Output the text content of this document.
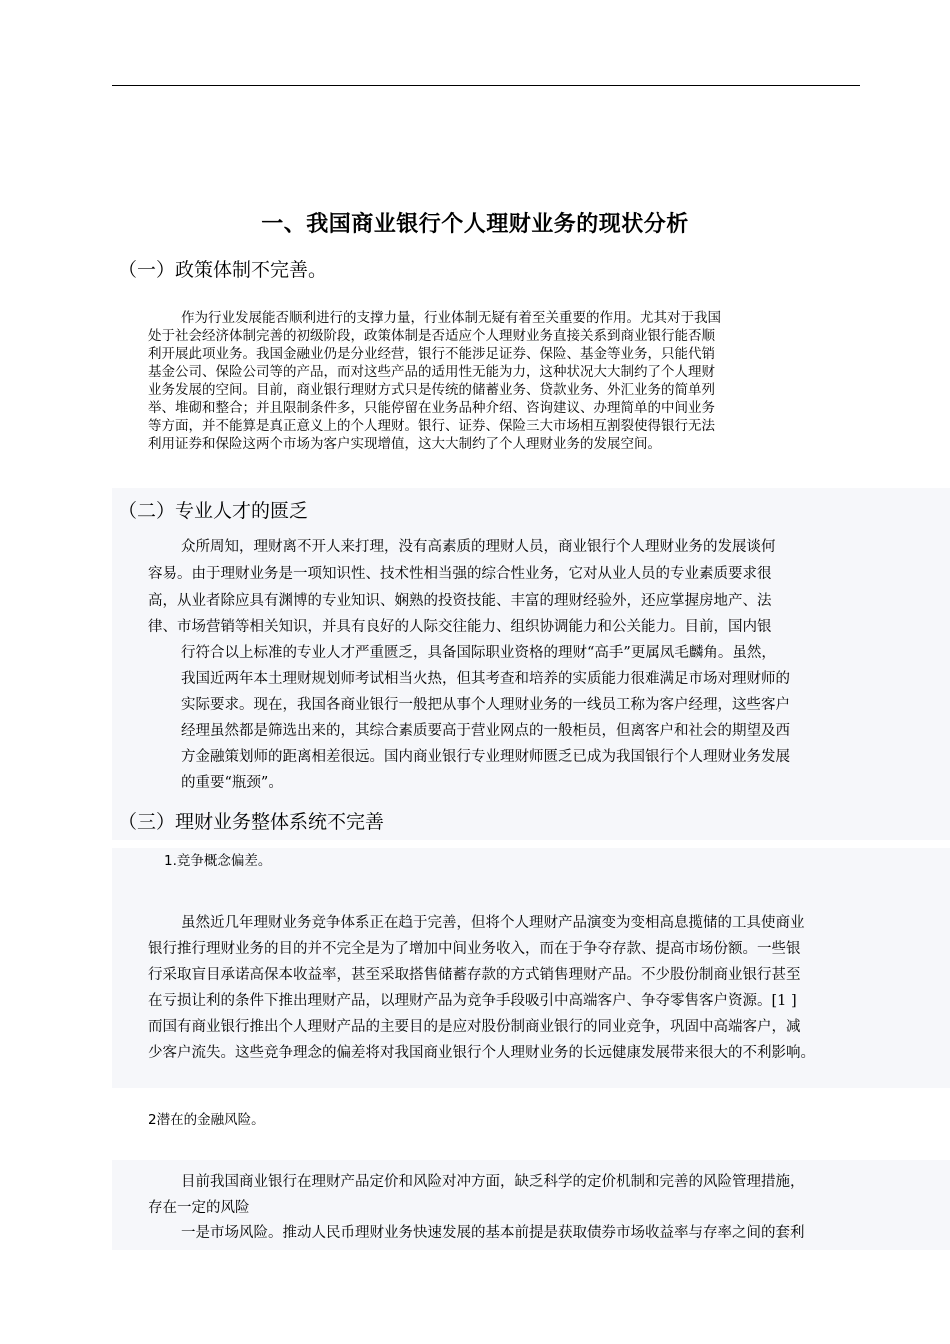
一、我国商业银行个人理财业务的现状分析
（一）政策体制不完善。
作为行业发展能否顺利进行的支撑力量，行业体制无疑有着至关重要的作用。尤其对于我国
处于社会经济体制完善的初级阶段，政策体制是否适应个人理财业务直接关系到商业银行能否顺
利开展此项业务。我国金融业仍是分业经营，银行不能涉足证券、保险、基金等业务，只能代销
基金公司、保险公司等的产品，而对这些产品的适用性无能为力，这种状况大大制约了个人理财
业务发展的空间。目前，商业银行理财方式只是传统的储蓄业务、贷款业务、外汇业务的简单列
举、堆砌和整合；并且限制条件多，只能停留在业务品种介绍、咨询建议、办理简单的中间业务
等方面，并不能算是真正意义上的个人理财。银行、证券、保险三大市场相互割裂使得银行无法
利用证券和保险这两个市场为客户实现增值，这大大制约了个人理财业务的发展空间。
（二）专业人才的匮乏
众所周知，理财离不开人来打理，没有高素质的理财人员，商业银行个人理财业务的发展谈何
容易。由于理财业务是一项知识性、技术性相当强的综合性业务，它对从业人员的专业素质要求很
高，从业者除应具有渊博的专业知识、娴熟的投资技能、丰富的理财经验外，还应掌握房地产、法
律、市场营销等相关知识，并具有良好的人际交往能力、组织协调能力和公关能力。目前，国内银
行符合以上标准的专业人才严重匮乏，具备国际职业资格的理财“高手”更属凤毛麟角。虽然，
我国近两年本土理财规划师考试相当火热，但其考查和培养的实质能力很难满足市场对理财师的
实际要求。现在，我国各商业银行一般把从事个人理财业务的一线员工称为客户经理，这些客户
经理虽然都是筛选出来的，其综合素质要高于营业网点的一般柜员，但离客户和社会的期望及西
方金融策划师的距离相差很远。国内商业银行专业理财师匮乏已成为我国银行个人理财业务发展
的重要“瓶颈”。
（三）理财业务整体系统不完善
1.竞争概念偏差。
虽然近几年理财业务竞争体系正在趋于完善，但将个人理财产品演变为变相高息揽储的工具使商业
银行推行理财业务的目的并不完全是为了增加中间业务收入，而在于争夺存款、提高市场份额。一些银
行采取盲目承诺高保本收益率，甚至采取搭售储蓄存款的方式销售理财产品。不少股份制商业银行甚至
在亏损让利的条件下推出理财产品，以理财产品为竞争手段吸引中高端客户、争夺零售客户资源。[1 ]
而国有商业银行推出个人理财产品的主要目的是应对股份制商业银行的同业竞争，巩固中高端客户，减
少客户流失。这些竞争理念的偏差将对我国商业银行个人理财业务的长远健康发展带来很大的不利影响。
2潜在的金融风险。
目前我国商业银行在理财产品定价和风险对冲方面，缺乏科学的定价机制和完善的风险管理措施，
存在一定的风险
一是市场风险。推动人民币理财业务快速发展的基本前提是获取债券市场收益率与存率之间的套利
